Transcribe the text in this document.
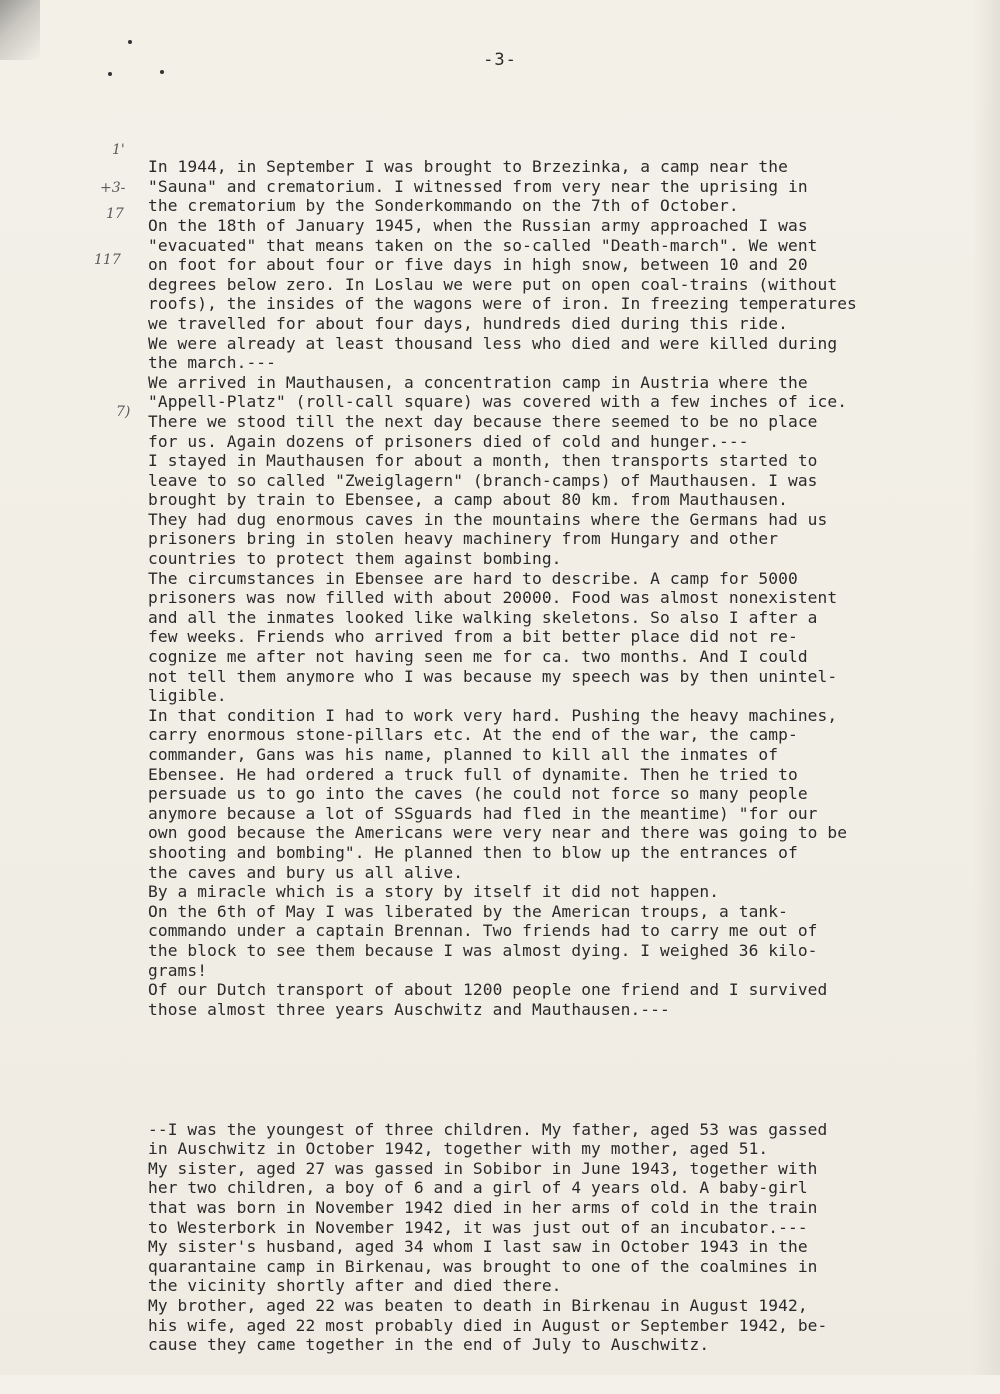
-3-
1'
+3-
17
117
7)

In 1944, in September I was brought to Brzezinka, a camp near the
"Sauna" and crematorium. I witnessed from very near the uprising in
the crematorium by the Sonderkommando on the 7th of October.
On the 18th of January 1945, when the Russian army approached I was
"evacuated" that means taken on the so-called "Death-march". We went
on foot for about four or five days in high snow, between 10 and 20
degrees below zero. In Loslau we were put on open coal-trains (without
roofs), the insides of the wagons were of iron. In freezing temperatures
we travelled for about four days, hundreds died during this ride.
We were already at least thousand less who died and were killed during
the march.---
We arrived in Mauthausen, a concentration camp in Austria where the
"Appell-Platz" (roll-call square) was covered with a few inches of ice.
There we stood till the next day because there seemed to be no place
for us. Again dozens of prisoners died of cold and hunger.---
I stayed in Mauthausen for about a month, then transports started to
leave to so called "Zweiglagern" (branch-camps) of Mauthausen. I was
brought by train to Ebensee, a camp about 80 km. from Mauthausen.
They had dug enormous caves in the mountains where the Germans had us
prisoners bring in stolen heavy machinery from Hungary and other
countries to protect them against bombing.
The circumstances in Ebensee are hard to describe. A camp for 5000
prisoners was now filled with about 20000. Food was almost nonexistent
and all the inmates looked like walking skeletons. So also I after a
few weeks. Friends who arrived from a bit better place did not re-
cognize me after not having seen me for ca. two months. And I could
not tell them anymore who I was because my speech was by then unintel-
ligible.
In that condition I had to work very hard. Pushing the heavy machines,
carry enormous stone-pillars etc. At the end of the war, the camp-
commander, Gans was his name, planned to kill all the inmates of
Ebensee. He had ordered a truck full of dynamite. Then he tried to
persuade us to go into the caves (he could not force so many people
anymore because a lot of SSguards had fled in the meantime) "for our
own good because the Americans were very near and there was going to be
shooting and bombing". He planned then to blow up the entrances of
the caves and bury us all alive.
By a miracle which is a story by itself it did not happen.
On the 6th of May I was liberated by the American troups, a tank-
commando under a captain Brennan. Two friends had to carry me out of
the block to see them because I was almost dying. I weighed 36 kilo-
grams!
Of our Dutch transport of about 1200 people one friend and I survived
those almost three years Auschwitz and Mauthausen.---

--I was the youngest of three children. My father, aged 53 was gassed
in Auschwitz in October 1942, together with my mother, aged 51.
My sister, aged 27 was gassed in Sobibor in June 1943, together with
her two children, a boy of 6 and a girl of 4 years old. A baby-girl
that was born in November 1942 died in her arms of cold in the train
to Westerbork in November 1942, it was just out of an incubator.---
My sister's husband, aged 34 whom I last saw in October 1943 in the
quarantaine camp in Birkenau, was brought to one of the coalmines in
the vicinity shortly after and died there.
My brother, aged 22 was beaten to death in Birkenau in August 1942,
his wife, aged 22 most probably died in August or September 1942, be-
cause they came together in the end of July to Auschwitz.
